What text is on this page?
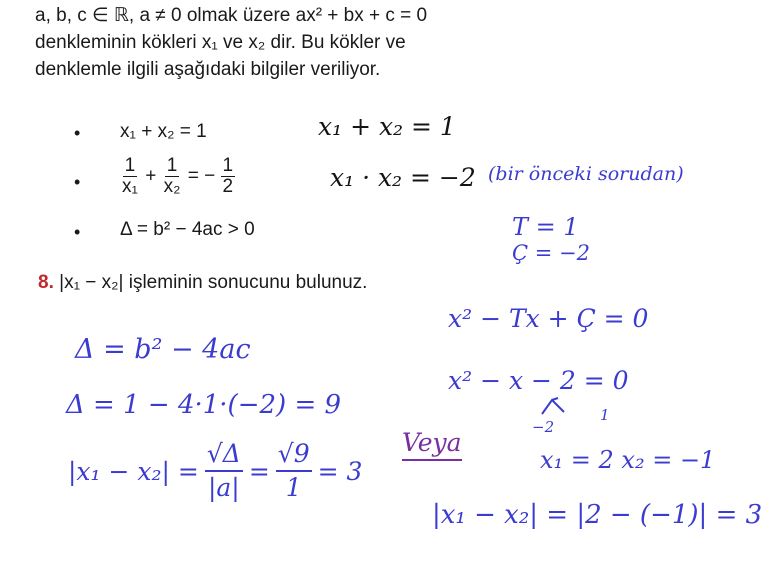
a, b, c ∈ ℝ, a ≠ 0 olmak üzere ax² + bx + c = 0
denkleminin kökleri x₁ ve x₂ dir. Bu kökler ve
denklemle ilgili aşağıdaki bilgiler veriliyor.
• x₁ + x₂ = 1
• $\frac{1}{\text{x₁}} + \frac{1}{\text{x₂}}$ = − $\frac{1}{2}$
• Δ = b² − 4ac > 0
8. |x₁ − x₂| işleminin sonucunu bulunuz.
x₁ + x₂ = 1
x₁ · x₂ = −2 (bir önceki sorudan)
T = 1
Ç = −2
x² − Tx + Ç = 0
x² − x − 2 = 0
−2
1
Veya
x₁ = 2 x₂ = −1
Δ = b² − 4ac
Δ = 1 − 4·1·(−2) = 9
$|x_1 - x_2| = \frac{√\Delta}{|a|} = \frac{√9}{1} = 3$
|x₁ − x₂| = |2 − (−1)| = 3
